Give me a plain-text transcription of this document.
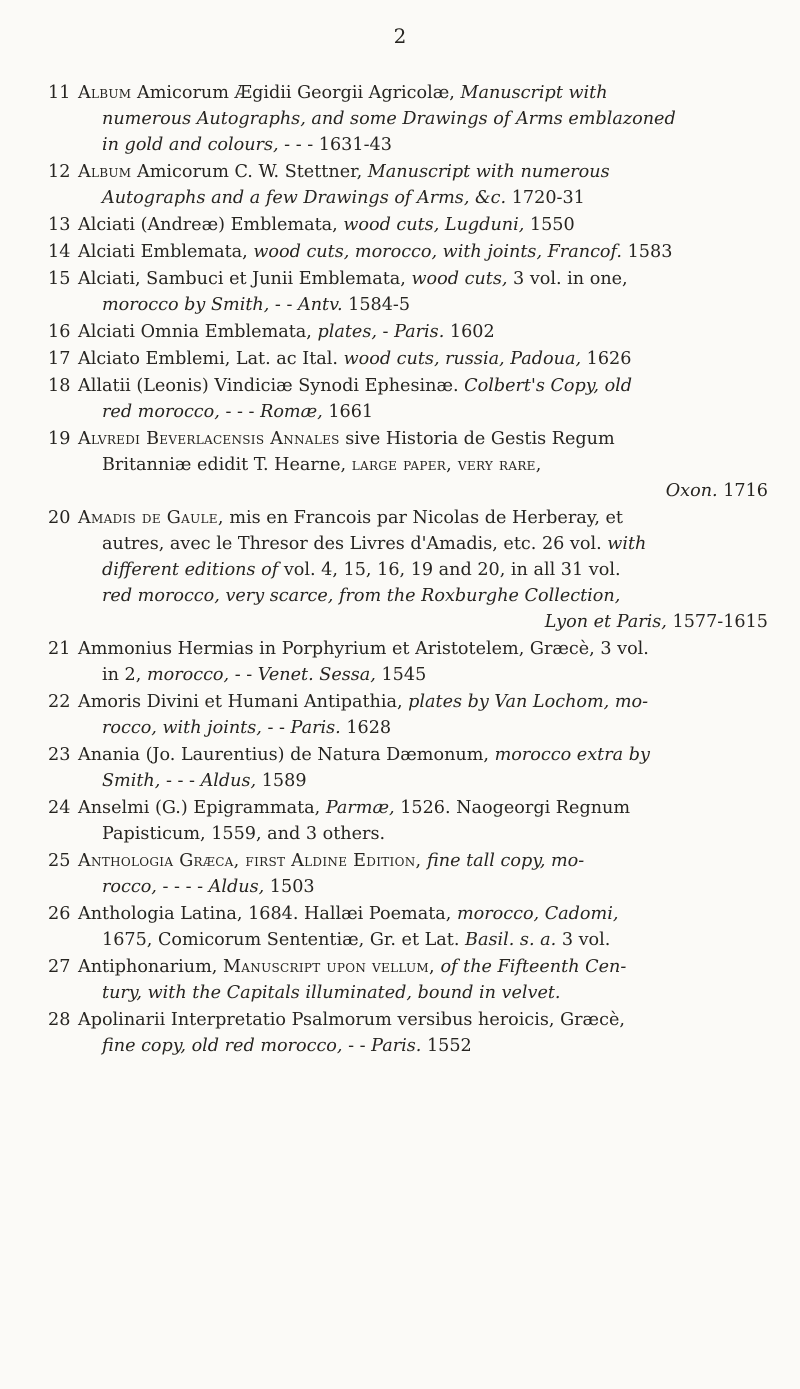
2
11 Album Amicorum Ægidii Georgii Agricolæ, Manuscript with
numerous Autographs, and some Drawings of Arms emblazoned
in gold and colours, - - - 1631-43
12 Album Amicorum C. W. Stettner, Manuscript with numerous
Autographs and a few Drawings of Arms, &c. 1720-31
13 Alciati (Andreæ) Emblemata, wood cuts, Lugduni, 1550
14 Alciati Emblemata, wood cuts, morocco, with joints, Francof. 1583
15 Alciati, Sambuci et Junii Emblemata, wood cuts, 3 vol. in one,
morocco by Smith, - - Antv. 1584-5
16 Alciati Omnia Emblemata, plates, - Paris. 1602
17 Alciato Emblemi, Lat. ac Ital. wood cuts, russia, Padoua, 1626
18 Allatii (Leonis) Vindiciæ Synodi Ephesinæ. Colbert's Copy, old
red morocco, - - - Romæ, 1661
19 Alvredi Beverlacensis Annales sive Historia de Gestis Regum
Britanniæ edidit T. Hearne, large paper, very rare,
Oxon. 1716
20 Amadis de Gaule, mis en Francois par Nicolas de Herberay, et
autres, avec le Thresor des Livres d'Amadis, etc. 26 vol. with
different editions of vol. 4, 15, 16, 19 and 20, in all 31 vol.
red morocco, very scarce, from the Roxburghe Collection,
Lyon et Paris, 1577-1615
21 Ammonius Hermias in Porphyrium et Aristotelem, Græcè, 3 vol.
in 2, morocco, - - Venet. Sessa, 1545
22 Amoris Divini et Humani Antipathia, plates by Van Lochom, mo-
rocco, with joints, - - Paris. 1628
23 Anania (Jo. Laurentius) de Natura Dæmonum, morocco extra by
Smith, - - - Aldus, 1589
24 Anselmi (G.) Epigrammata, Parmæ, 1526. Naogeorgi Regnum
Papisticum, 1559, and 3 others.
25 Anthologia Græca, first Aldine Edition, fine tall copy, mo-
rocco, - - - - Aldus, 1503
26 Anthologia Latina, 1684. Hallæi Poemata, morocco, Cadomi,
1675, Comicorum Sententiæ, Gr. et Lat. Basil. s. a. 3 vol.
27 Antiphonarium, Manuscript upon vellum, of the Fifteenth Cen-
tury, with the Capitals illuminated, bound in velvet.
28 Apolinarii Interpretatio Psalmorum versibus heroicis, Græcè,
fine copy, old red morocco, - - Paris. 1552
